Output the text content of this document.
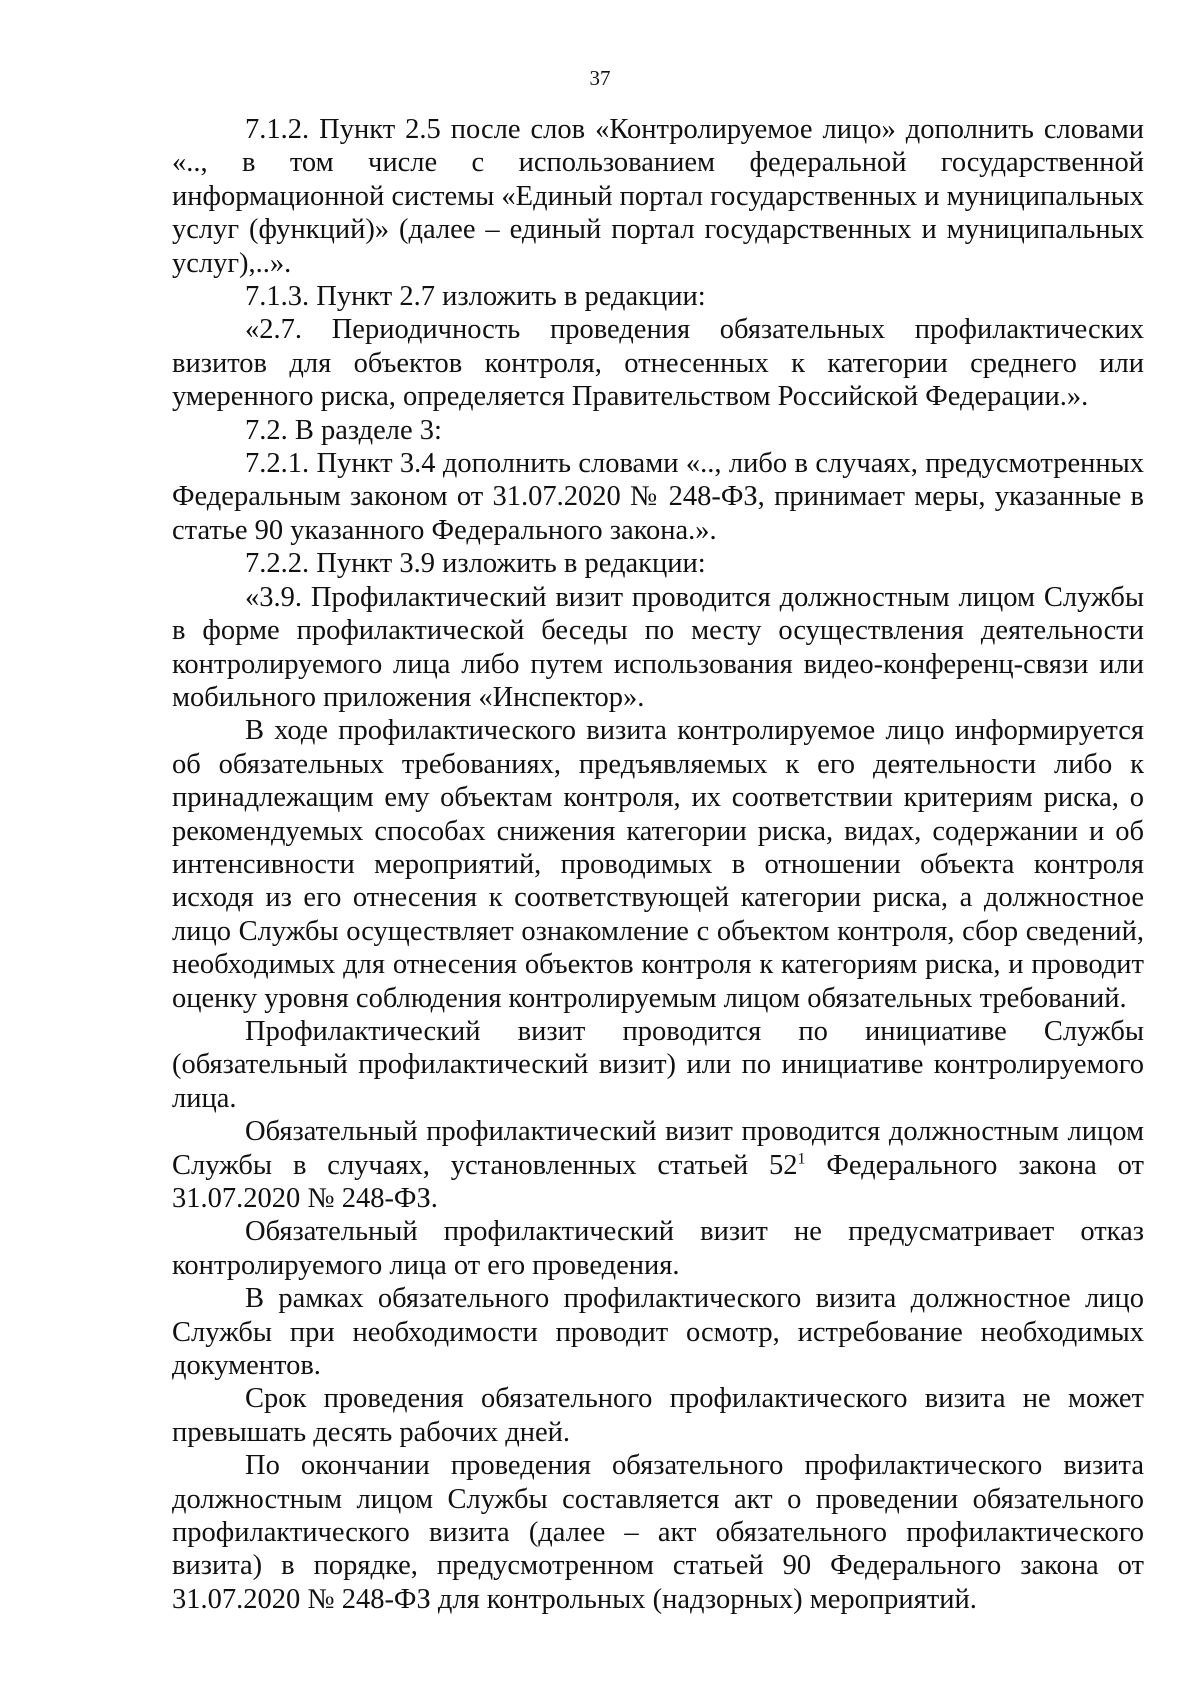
37

7.1.2. Пункт 2.5 после слов «Контролируемое лицо» дополнить словами «.., в том числе с использованием федеральной государственной информационной системы «Единый портал государственных и муниципальных услуг (функций)» (далее – единый портал государственных и муниципальных услуг),..».

7.1.3. Пункт 2.7 изложить в редакции:

«2.7. Периодичность проведения обязательных профилактических визитов для объектов контроля, отнесенных к категории среднего или умеренного риска, определяется Правительством Российской Федерации.».

7.2. В разделе 3:

7.2.1. Пункт 3.4 дополнить словами «.., либо в случаях, предусмотренных Федеральным законом от 31.07.2020 № 248-ФЗ, принимает меры, указанные в статье 90 указанного Федерального закона.».

7.2.2. Пункт 3.9 изложить в редакции:

«3.9. Профилактический визит проводится должностным лицом Службы в форме профилактической беседы по месту осуществления деятельности контролируемого лица либо путем использования видео-конференц-связи или мобильного приложения «Инспектор».

В ходе профилактического визита контролируемое лицо информируется об обязательных требованиях, предъявляемых к его деятельности либо к принадлежащим ему объектам контроля, их соответствии критериям риска, о рекомендуемых способах снижения категории риска, видах, содержании и об интенсивности мероприятий, проводимых в отношении объекта контроля исходя из его отнесения к соответствующей категории риска, а должностное лицо Службы осуществляет ознакомление с объектом контроля, сбор сведений, необходимых для отнесения объектов контроля к категориям риска, и проводит оценку уровня соблюдения контролируемым лицом обязательных требований.

Профилактический визит проводится по инициативе Службы (обязательный профилактический визит) или по инициативе контролируемого лица.

Обязательный профилактический визит проводится должностным лицом Службы в случаях, установленных статьей $52^1$ Федерального закона от 31.07.2020 № 248-ФЗ.

Обязательный профилактический визит не предусматривает отказ контролируемого лица от его проведения.

В рамках обязательного профилактического визита должностное лицо Службы при необходимости проводит осмотр, истребование необходимых документов.

Срок проведения обязательного профилактического визита не может превышать десять рабочих дней.

По окончании проведения обязательного профилактического визита должностным лицом Службы составляется акт о проведении обязательного профилактического визита (далее – акт обязательного профилактического визита) в порядке, предусмотренном статьей 90 Федерального закона от 31.07.2020 № 248-ФЗ для контрольных (надзорных) мероприятий.
